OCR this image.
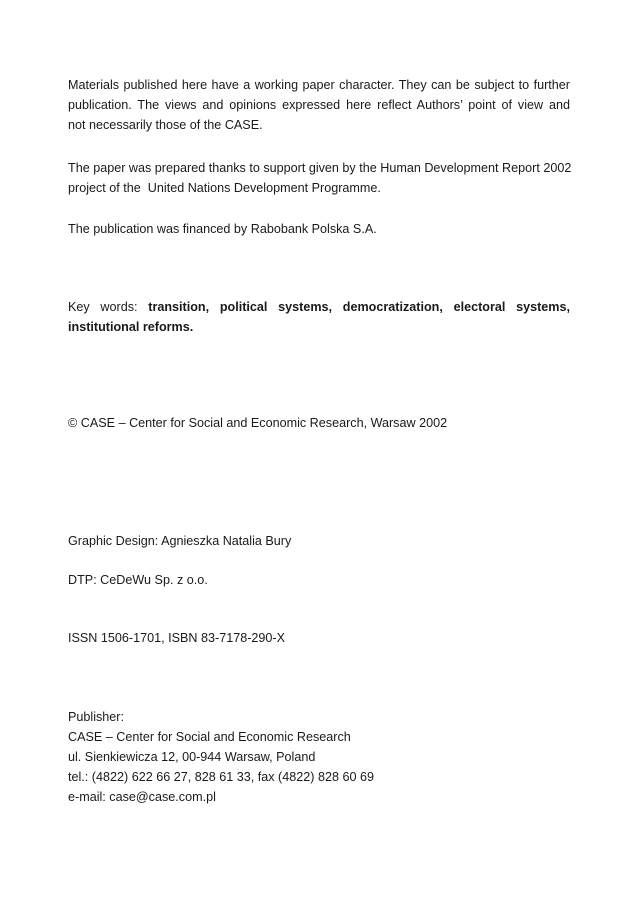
Materials published here have a working paper character. They can be subject to further
publication. The views and opinions expressed here reflect Authors’ point of view and
not necessarily those of the CASE.
The paper was prepared thanks to support given by the Human Development Report 2002
project of the  United Nations Development Programme.
The publication was financed by Rabobank Polska S.A.
Key words: transition, political systems, democratization, electoral systems,
institutional reforms.
© CASE – Center for Social and Economic Research, Warsaw 2002
Graphic Design: Agnieszka Natalia Bury
DTP: CeDeWu Sp. z o.o.
ISSN 1506-1701, ISBN 83-7178-290-X
Publisher:
CASE – Center for Social and Economic Research
ul. Sienkiewicza 12, 00-944 Warsaw, Poland
tel.: (4822) 622 66 27, 828 61 33, fax (4822) 828 60 69
e-mail: case@case.com.pl
